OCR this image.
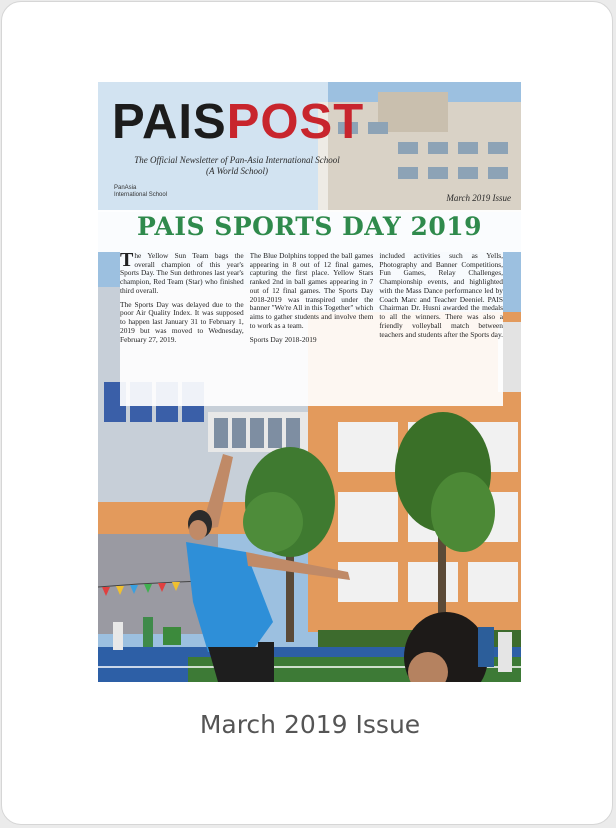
PAISPOST
The Official Newsletter of Pan-Asia International School
(A World School)
PanAsia
International School	March 2019 Issue
PAIS SPORTS DAY 2019

The Yellow Sun Team bags the overall champion of this year's Sports Day. The Sun dethrones last year's champion, Red Team (Star) who finished third overall.

The Sports Day was delayed due to the poor Air Quality Index. It was supposed to happen last January 31 to February 1, 2019 but was moved to Wednesday, February 27, 2019.

The Blue Dolphins topped the ball games appearing in 8 out of 12 final games, capturing the first place. Yellow Stars ranked 2nd in ball games appearing in 7 out of 12 final games. The Sports Day 2018-2019 was transpired under the banner "We're All in this Together" which aims to gather students and involve them to work as a team.

Sports Day 2018-2019

included activities such as Yells, Photography and Banner Competitions, Fun Games, Relay Challenges, Championship events, and highlighted with the Mass Dance performance led by Coach Marc and Teacher Deeniel. PAIS Chairman Dr. Husni awarded the medals to all the winners. There was also a friendly volleyball match between teachers and students after the Sports day.

March 2019 Issue
